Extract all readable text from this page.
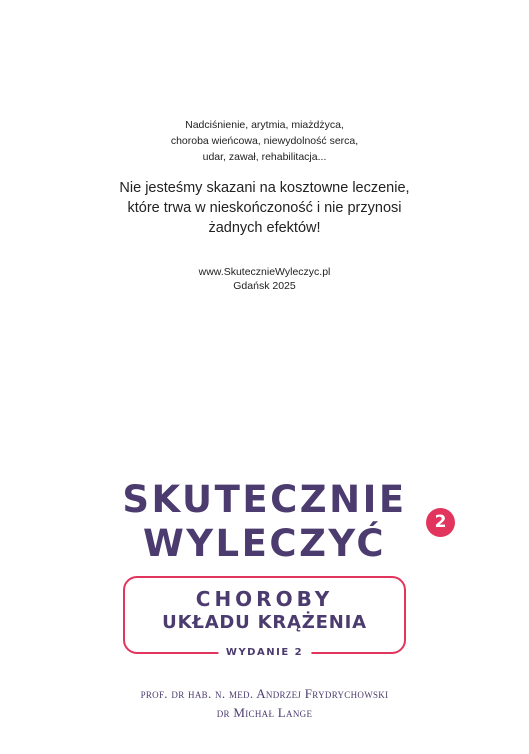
Nadciśnienie, arytmia, miażdżyca,
choroba wieńcowa, niewydolność serca,
udar, zawał, rehabilitacja...
Nie jesteśmy skazani na kosztowne leczenie,
które trwa w nieskończoność i nie przynosi
żadnych efektów!
www.SkutecznieWyleczyc.pl
Gdańsk 2025
SKUTECZNIE
WYLECZYĆ	2
CHOROBY
UKŁADU KRĄŻENIA
WYDANIE 2
prof. dr hab. n. med. Andrzej Frydrychowski
dr Michał Lange
